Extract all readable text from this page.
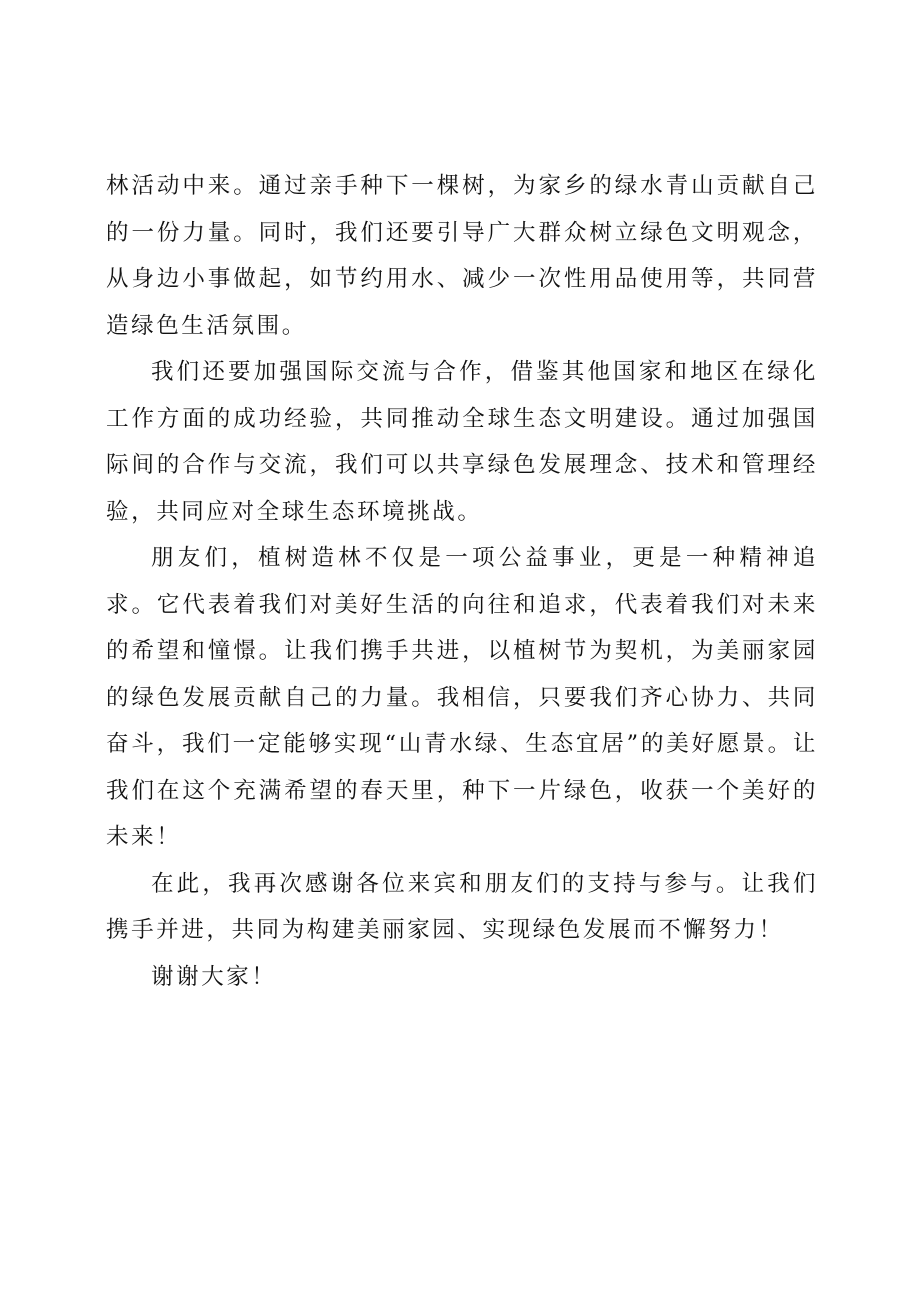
林活动中来。通过亲手种下一棵树，为家乡的绿水青山贡献自己的一份力量。同时，我们还要引导广大群众树立绿色文明观念，从身边小事做起，如节约用水、减少一次性用品使用等，共同营造绿色生活氛围。

我们还要加强国际交流与合作，借鉴其他国家和地区在绿化工作方面的成功经验，共同推动全球生态文明建设。通过加强国际间的合作与交流，我们可以共享绿色发展理念、技术和管理经验，共同应对全球生态环境挑战。

朋友们，植树造林不仅是一项公益事业，更是一种精神追求。它代表着我们对美好生活的向往和追求，代表着我们对未来的希望和憧憬。让我们携手共进，以植树节为契机，为美丽家园的绿色发展贡献自己的力量。我相信，只要我们齐心协力、共同奋斗，我们一定能够实现“山青水绿、生态宜居”的美好愿景。让我们在这个充满希望的春天里，种下一片绿色，收获一个美好的未来！

在此，我再次感谢各位来宾和朋友们的支持与参与。让我们携手并进，共同为构建美丽家园、实现绿色发展而不懈努力！

谢谢大家！
